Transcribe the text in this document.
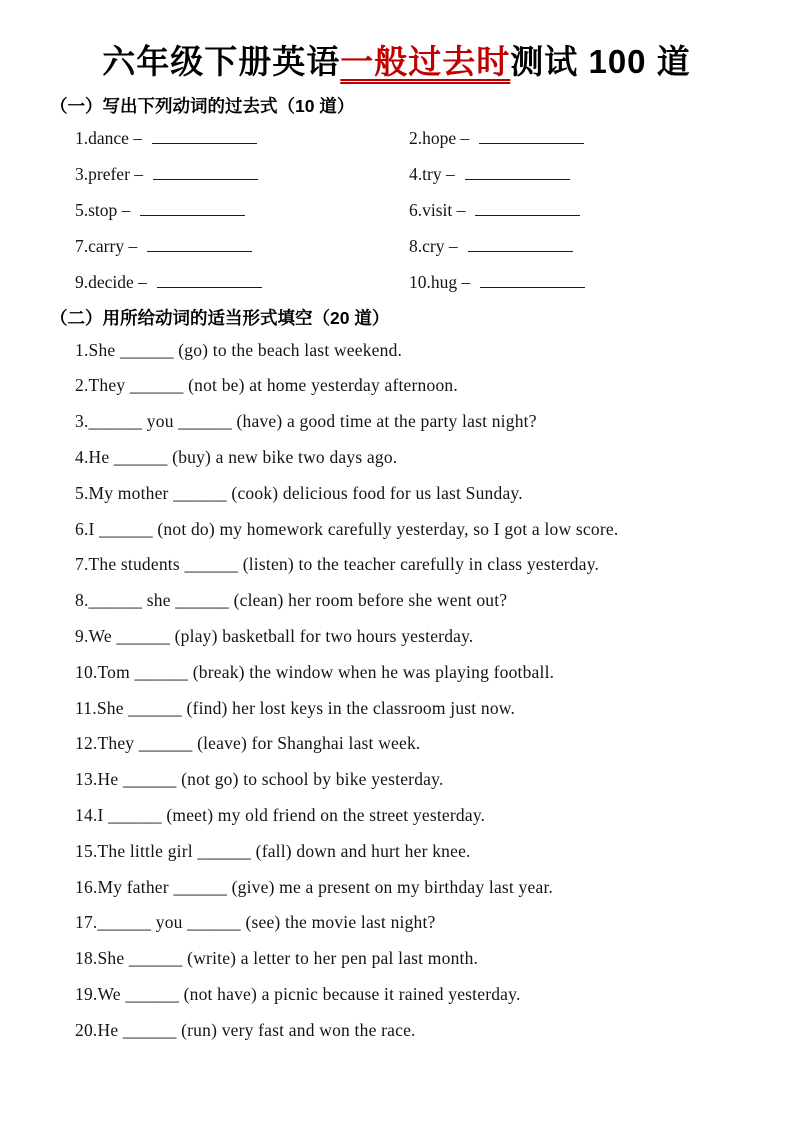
六年级下册英语一般过去时测试 100 道
（一）写出下列动词的过去式（10 道）
1.dance –	2.hope –
3.prefer –	4.try –
5.stop –	6.visit –
7.carry –	8.cry –
9.decide –	10.hug –
（二）用所给动词的适当形式填空（20 道）
1.She ______ (go) to the beach last weekend.
2.They ______ (not be) at home yesterday afternoon.
3.______ you ______ (have) a good time at the party last night?
4.He ______ (buy) a new bike two days ago.
5.My mother ______ (cook) delicious food for us last Sunday.
6.I ______ (not do) my homework carefully yesterday, so I got a low score.
7.The students ______ (listen) to the teacher carefully in class yesterday.
8.______ she ______ (clean) her room before she went out?
9.We ______ (play) basketball for two hours yesterday.
10.Tom ______ (break) the window when he was playing football.
11.She ______ (find) her lost keys in the classroom just now.
12.They ______ (leave) for Shanghai last week.
13.He ______ (not go) to school by bike yesterday.
14.I ______ (meet) my old friend on the street yesterday.
15.The little girl ______ (fall) down and hurt her knee.
16.My father ______ (give) me a present on my birthday last year.
17.______ you ______ (see) the movie last night?
18.She ______ (write) a letter to her pen pal last month.
19.We ______ (not have) a picnic because it rained yesterday.
20.He ______ (run) very fast and won the race.
